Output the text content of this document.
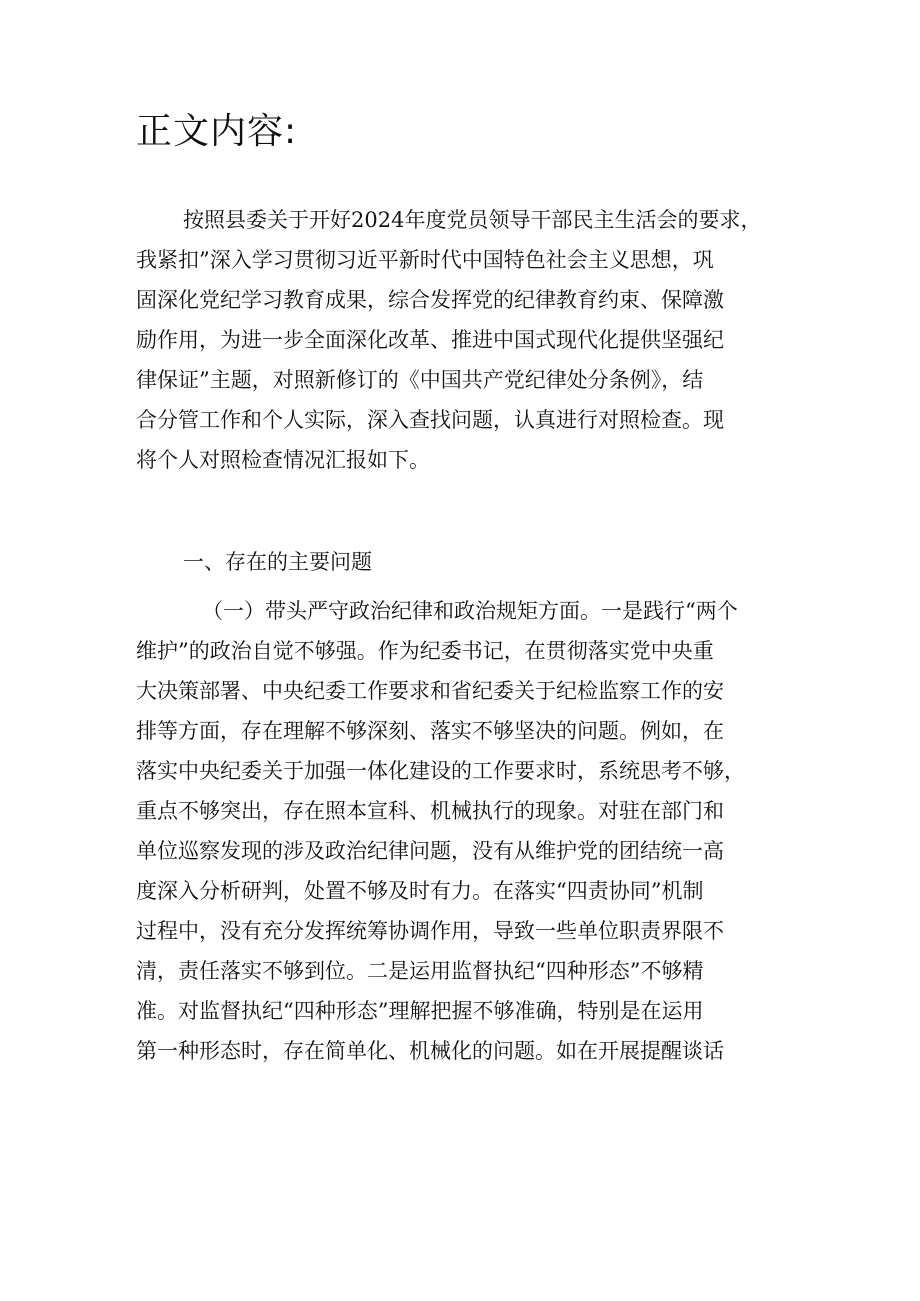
正文内容:
按照县委关于开好2024年度党员领导干部民主生活会的要求，
我紧扣”深入学习贯彻习近平新时代中国特色社会主义思想，巩
固深化党纪学习教育成果，综合发挥党的纪律教育约束、保障激
励作用，为进一步全面深化改革、推进中国式现代化提供坚强纪
律保证”主题，对照新修订的《中国共产党纪律处分条例》，结
合分管工作和个人实际，深入查找问题，认真进行对照检查。现
将个人对照检查情况汇报如下。
一、存在的主要问题
（一）带头严守政治纪律和政治规矩方面。一是践行“两个
维护”的政治自觉不够强。作为纪委书记，在贯彻落实党中央重
大决策部署、中央纪委工作要求和省纪委关于纪检监察工作的安
排等方面，存在理解不够深刻、落实不够坚决的问题。例如，在
落实中央纪委关于加强一体化建设的工作要求时，系统思考不够，
重点不够突出，存在照本宣科、机械执行的现象。对驻在部门和
单位巡察发现的涉及政治纪律问题，没有从维护党的团结统一高
度深入分析研判，处置不够及时有力。在落实“四责协同”机制
过程中，没有充分发挥统筹协调作用，导致一些单位职责界限不
清，责任落实不够到位。二是运用监督执纪“四种形态”不够精
准。对监督执纪“四种形态”理解把握不够准确，特别是在运用
第一种形态时，存在简单化、机械化的问题。如在开展提醒谈话
